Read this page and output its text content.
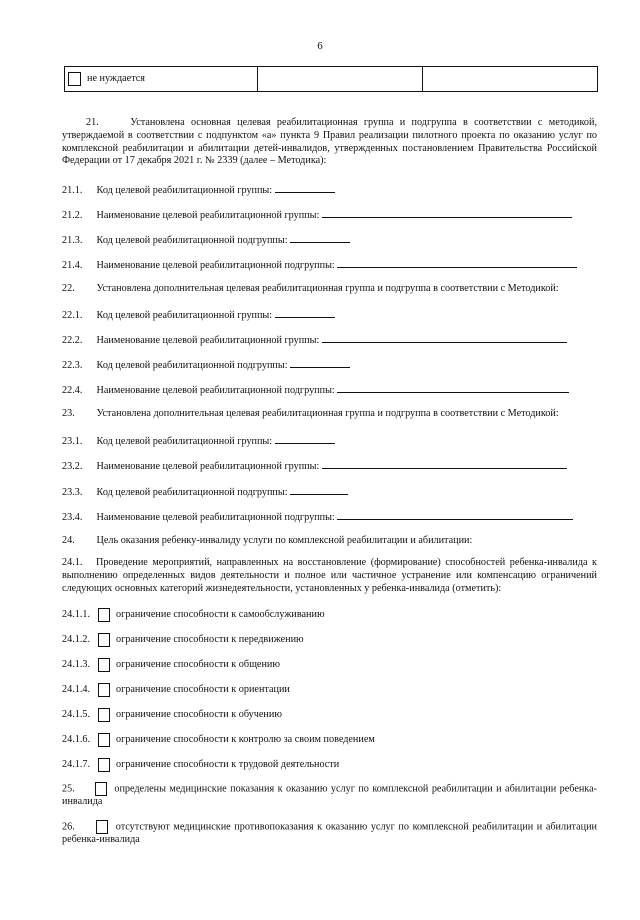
6
не нуждается
21.	Установлена основная целевая реабилитационная группа и подгруппа в соответствии с методикой, утверждаемой в соответствии с подпунктом «а» пункта 9 Правил реализации пилотного проекта по оказанию услуг по комплексной реабилитации и абилитации детей-инвалидов, утвержденных постановлением Правительства Российской Федерации от 17 декабря 2021 г. № 2339 (далее – Методика):
21.1. Код целевой реабилитационной группы:
21.2. Наименование целевой реабилитационной группы:
21.3. Код целевой реабилитационной подгруппы:
21.4. Наименование целевой реабилитационной подгруппы:
22. Установлена дополнительная целевая реабилитационная группа и подгруппа в соответствии с Методикой:
22.1. Код целевой реабилитационной группы:
22.2. Наименование целевой реабилитационной группы:
22.3. Код целевой реабилитационной подгруппы:
22.4. Наименование целевой реабилитационной подгруппы:
23. Установлена дополнительная целевая реабилитационная группа и подгруппа в соответствии с Методикой:
23.1. Код целевой реабилитационной группы:
23.2. Наименование целевой реабилитационной группы:
23.3. Код целевой реабилитационной подгруппы:
23.4. Наименование целевой реабилитационной подгруппы:
24. Цель оказания ребенку-инвалиду услуги по комплексной реабилитации и абилитации:
24.1. Проведение мероприятий, направленных на восстановление (формирование) способностей ребенка-инвалида к выполнению определенных видов деятельности и полное или частичное устранение или компенсацию ограничений следующих основных категорий жизнедеятельности, установленных у ребенка-инвалида (отметить):
24.1.1.	ограничение способности к самообслуживанию
24.1.2.	ограничение способности к передвижению
24.1.3.	ограничение способности к общению
24.1.4.	ограничение способности к ориентации
24.1.5.	ограничение способности к обучению
24.1.6.	ограничение способности к контролю за своим поведением
24.1.7.	ограничение способности к трудовой деятельности
25.	определены медицинские показания к оказанию услуг по комплексной реабилитации и абилитации ребенка-инвалида
26.	отсутствуют медицинские противопоказания к оказанию услуг по комплексной реабилитации и абилитации ребенка-инвалида
